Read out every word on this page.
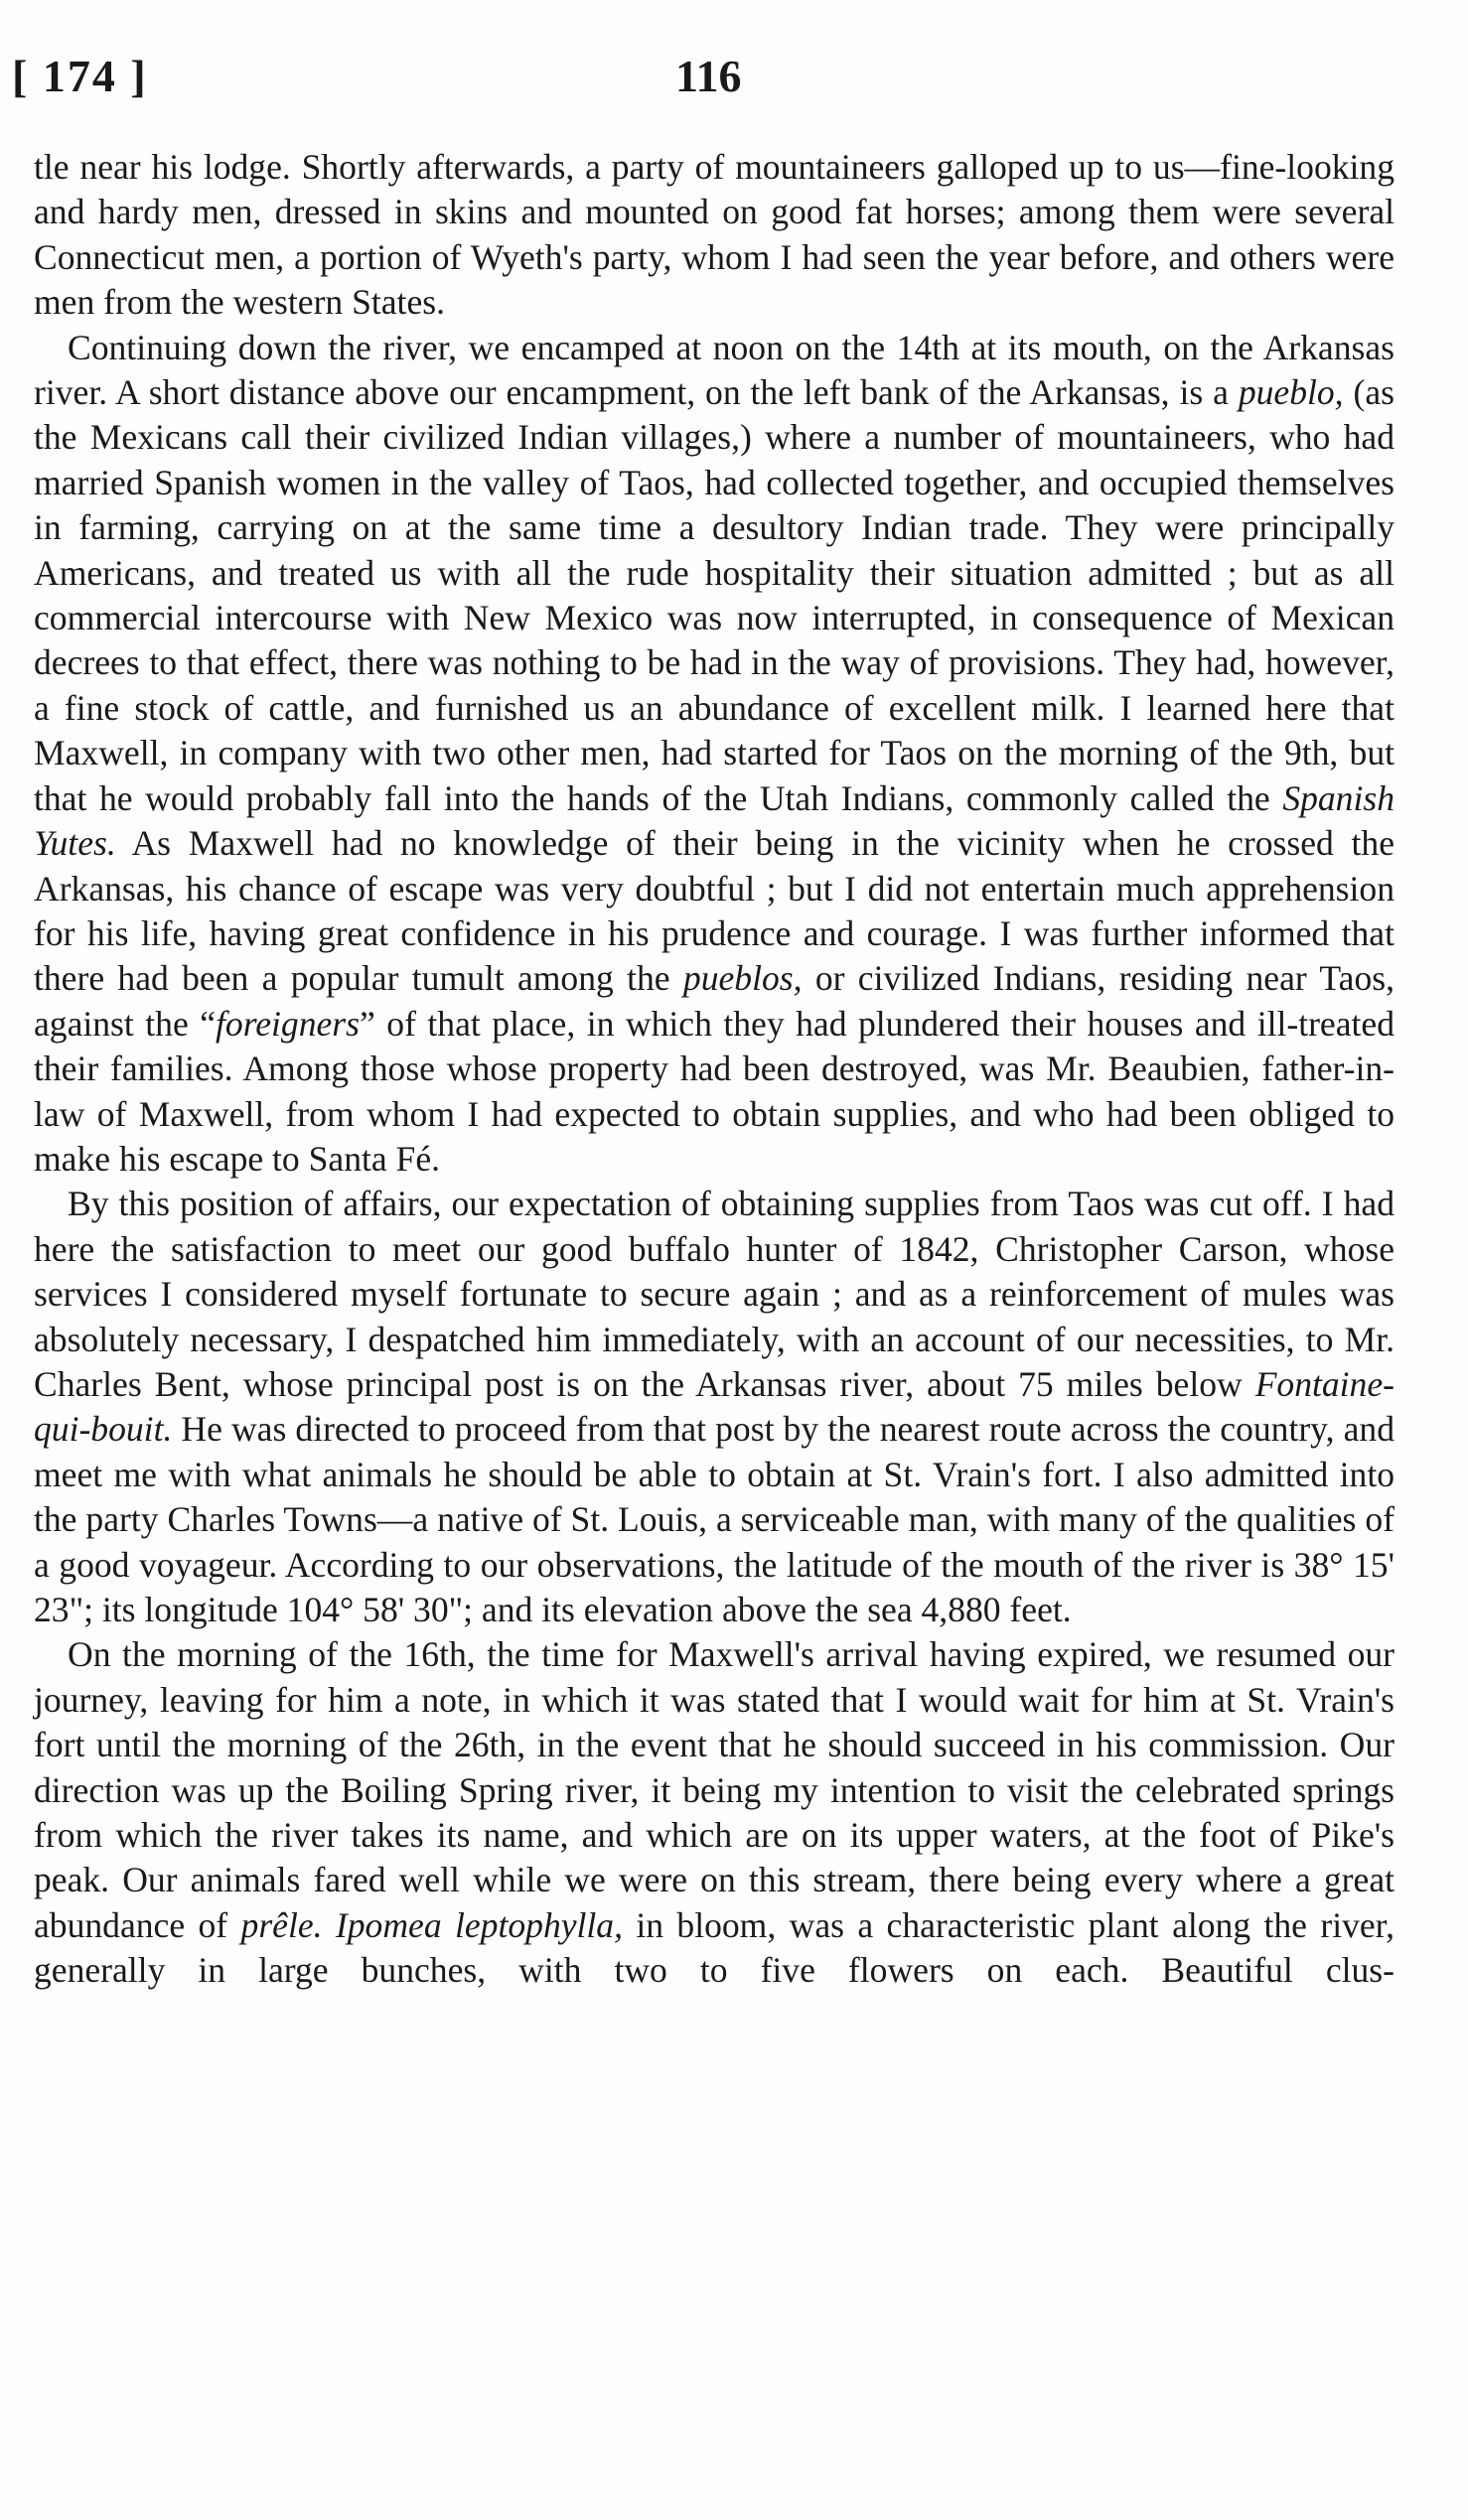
[ 174 ]	116

tle near his lodge. Shortly afterwards, a party of mountaineers galloped up to us—fine-looking and hardy men, dressed in skins and mounted on good fat horses; among them were several Connecticut men, a portion of Wyeth's party, whom I had seen the year before, and others were men from the western States.

Continuing down the river, we encamped at noon on the 14th at its mouth, on the Arkansas river. A short distance above our encampment, on the left bank of the Arkansas, is a pueblo, (as the Mexicans call their civilized Indian villages,) where a number of mountaineers, who had married Spanish women in the valley of Taos, had collected together, and occupied themselves in farming, carrying on at the same time a desultory Indian trade. They were principally Americans, and treated us with all the rude hospitality their situation admitted ; but as all commercial intercourse with New Mexico was now interrupted, in consequence of Mexican decrees to that effect, there was nothing to be had in the way of provisions. They had, however, a fine stock of cattle, and furnished us an abundance of excellent milk. I learned here that Maxwell, in company with two other men, had started for Taos on the morning of the 9th, but that he would probably fall into the hands of the Utah Indians, commonly called the Spanish Yutes. As Maxwell had no knowledge of their being in the vicinity when he crossed the Arkansas, his chance of escape was very doubtful ; but I did not entertain much apprehension for his life, having great confidence in his prudence and courage. I was further informed that there had been a popular tumult among the pueblos, or civilized Indians, residing near Taos, against the “foreigners” of that place, in which they had plundered their houses and ill-treated their families. Among those whose property had been destroyed, was Mr. Beaubien, father-in-law of Maxwell, from whom I had expected to obtain supplies, and who had been obliged to make his escape to Santa Fé.

By this position of affairs, our expectation of obtaining supplies from Taos was cut off. I had here the satisfaction to meet our good buffalo hunter of 1842, Christopher Carson, whose services I considered myself fortunate to secure again ; and as a reinforcement of mules was absolutely necessary, I despatched him immediately, with an account of our necessities, to Mr. Charles Bent, whose principal post is on the Arkansas river, about 75 miles below Fontaine-qui-bouit. He was directed to proceed from that post by the nearest route across the country, and meet me with what animals he should be able to obtain at St. Vrain's fort. I also admitted into the party Charles Towns—a native of St. Louis, a serviceable man, with many of the qualities of a good voyageur. According to our observations, the latitude of the mouth of the river is 38° 15' 23"; its longitude 104° 58' 30"; and its elevation above the sea 4,880 feet.

On the morning of the 16th, the time for Maxwell's arrival having expired, we resumed our journey, leaving for him a note, in which it was stated that I would wait for him at St. Vrain's fort until the morning of the 26th, in the event that he should succeed in his commission. Our direction was up the Boiling Spring river, it being my intention to visit the celebrated springs from which the river takes its name, and which are on its upper waters, at the foot of Pike's peak. Our animals fared well while we were on this stream, there being every where a great abundance of prêle. Ipomea leptophylla, in bloom, was a characteristic plant along the river, generally in large bunches, with two to five flowers on each. Beautiful clus-
